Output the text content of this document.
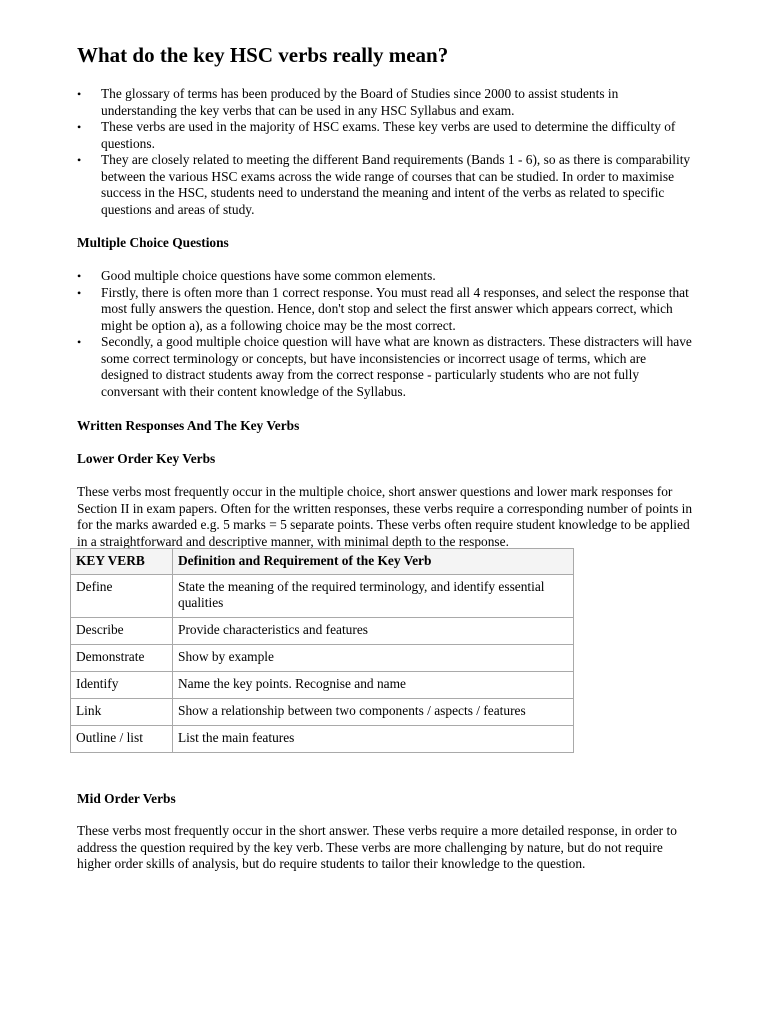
What do the key HSC verbs really mean?
•	The glossary of terms has been produced by the Board of Studies since 2000 to assist students in understanding the key verbs that can be used in any HSC Syllabus and exam.
•	These verbs are used in the majority of HSC exams. These key verbs are used to determine the difficulty of questions.
•	They are closely related to meeting the different Band requirements (Bands 1 - 6), so as there is comparability between the various HSC exams across the wide range of courses that can be studied. In order to maximise success in the HSC, students need to understand the meaning and intent of the verbs as related to specific questions and areas of study.
Multiple Choice Questions
•	Good multiple choice questions have some common elements.
•	Firstly, there is often more than 1 correct response. You must read all 4 responses, and select the response that most fully answers the question. Hence, don't stop and select the first answer which appears correct, which might be option a), as a following choice may be the most correct.
•	Secondly, a good multiple choice question will have what are known as distracters. These distracters will have some correct terminology or concepts, but have inconsistencies or incorrect usage of terms, which are designed to distract students away from the correct response - particularly students who are not fully conversant with their content knowledge of the Syllabus.
Written Responses And The Key Verbs
Lower Order Key Verbs
These verbs most frequently occur in the multiple choice, short answer questions and lower mark responses for Section II in exam papers. Often for the written responses, these verbs require a corresponding number of points in for the marks awarded e.g. 5 marks = 5 separate points. These verbs often require student knowledge to be applied in a straightforward and descriptive manner, with minimal depth to the response.
KEY VERB	Definition and Requirement of the Key Verb
Define	State the meaning of the required terminology, and identify essential qualities
Describe	Provide characteristics and features
Demonstrate	Show by example
Identify	Name the key points. Recognise and name
Link	Show a relationship between two components / aspects / features
Outline / list	List the main features
Mid Order Verbs
These verbs most frequently occur in the short answer. These verbs require a more detailed response, in order to address the question required by the key verb. These verbs are more challenging by nature, but do not require higher order skills of analysis, but do require students to tailor their knowledge to the question.
